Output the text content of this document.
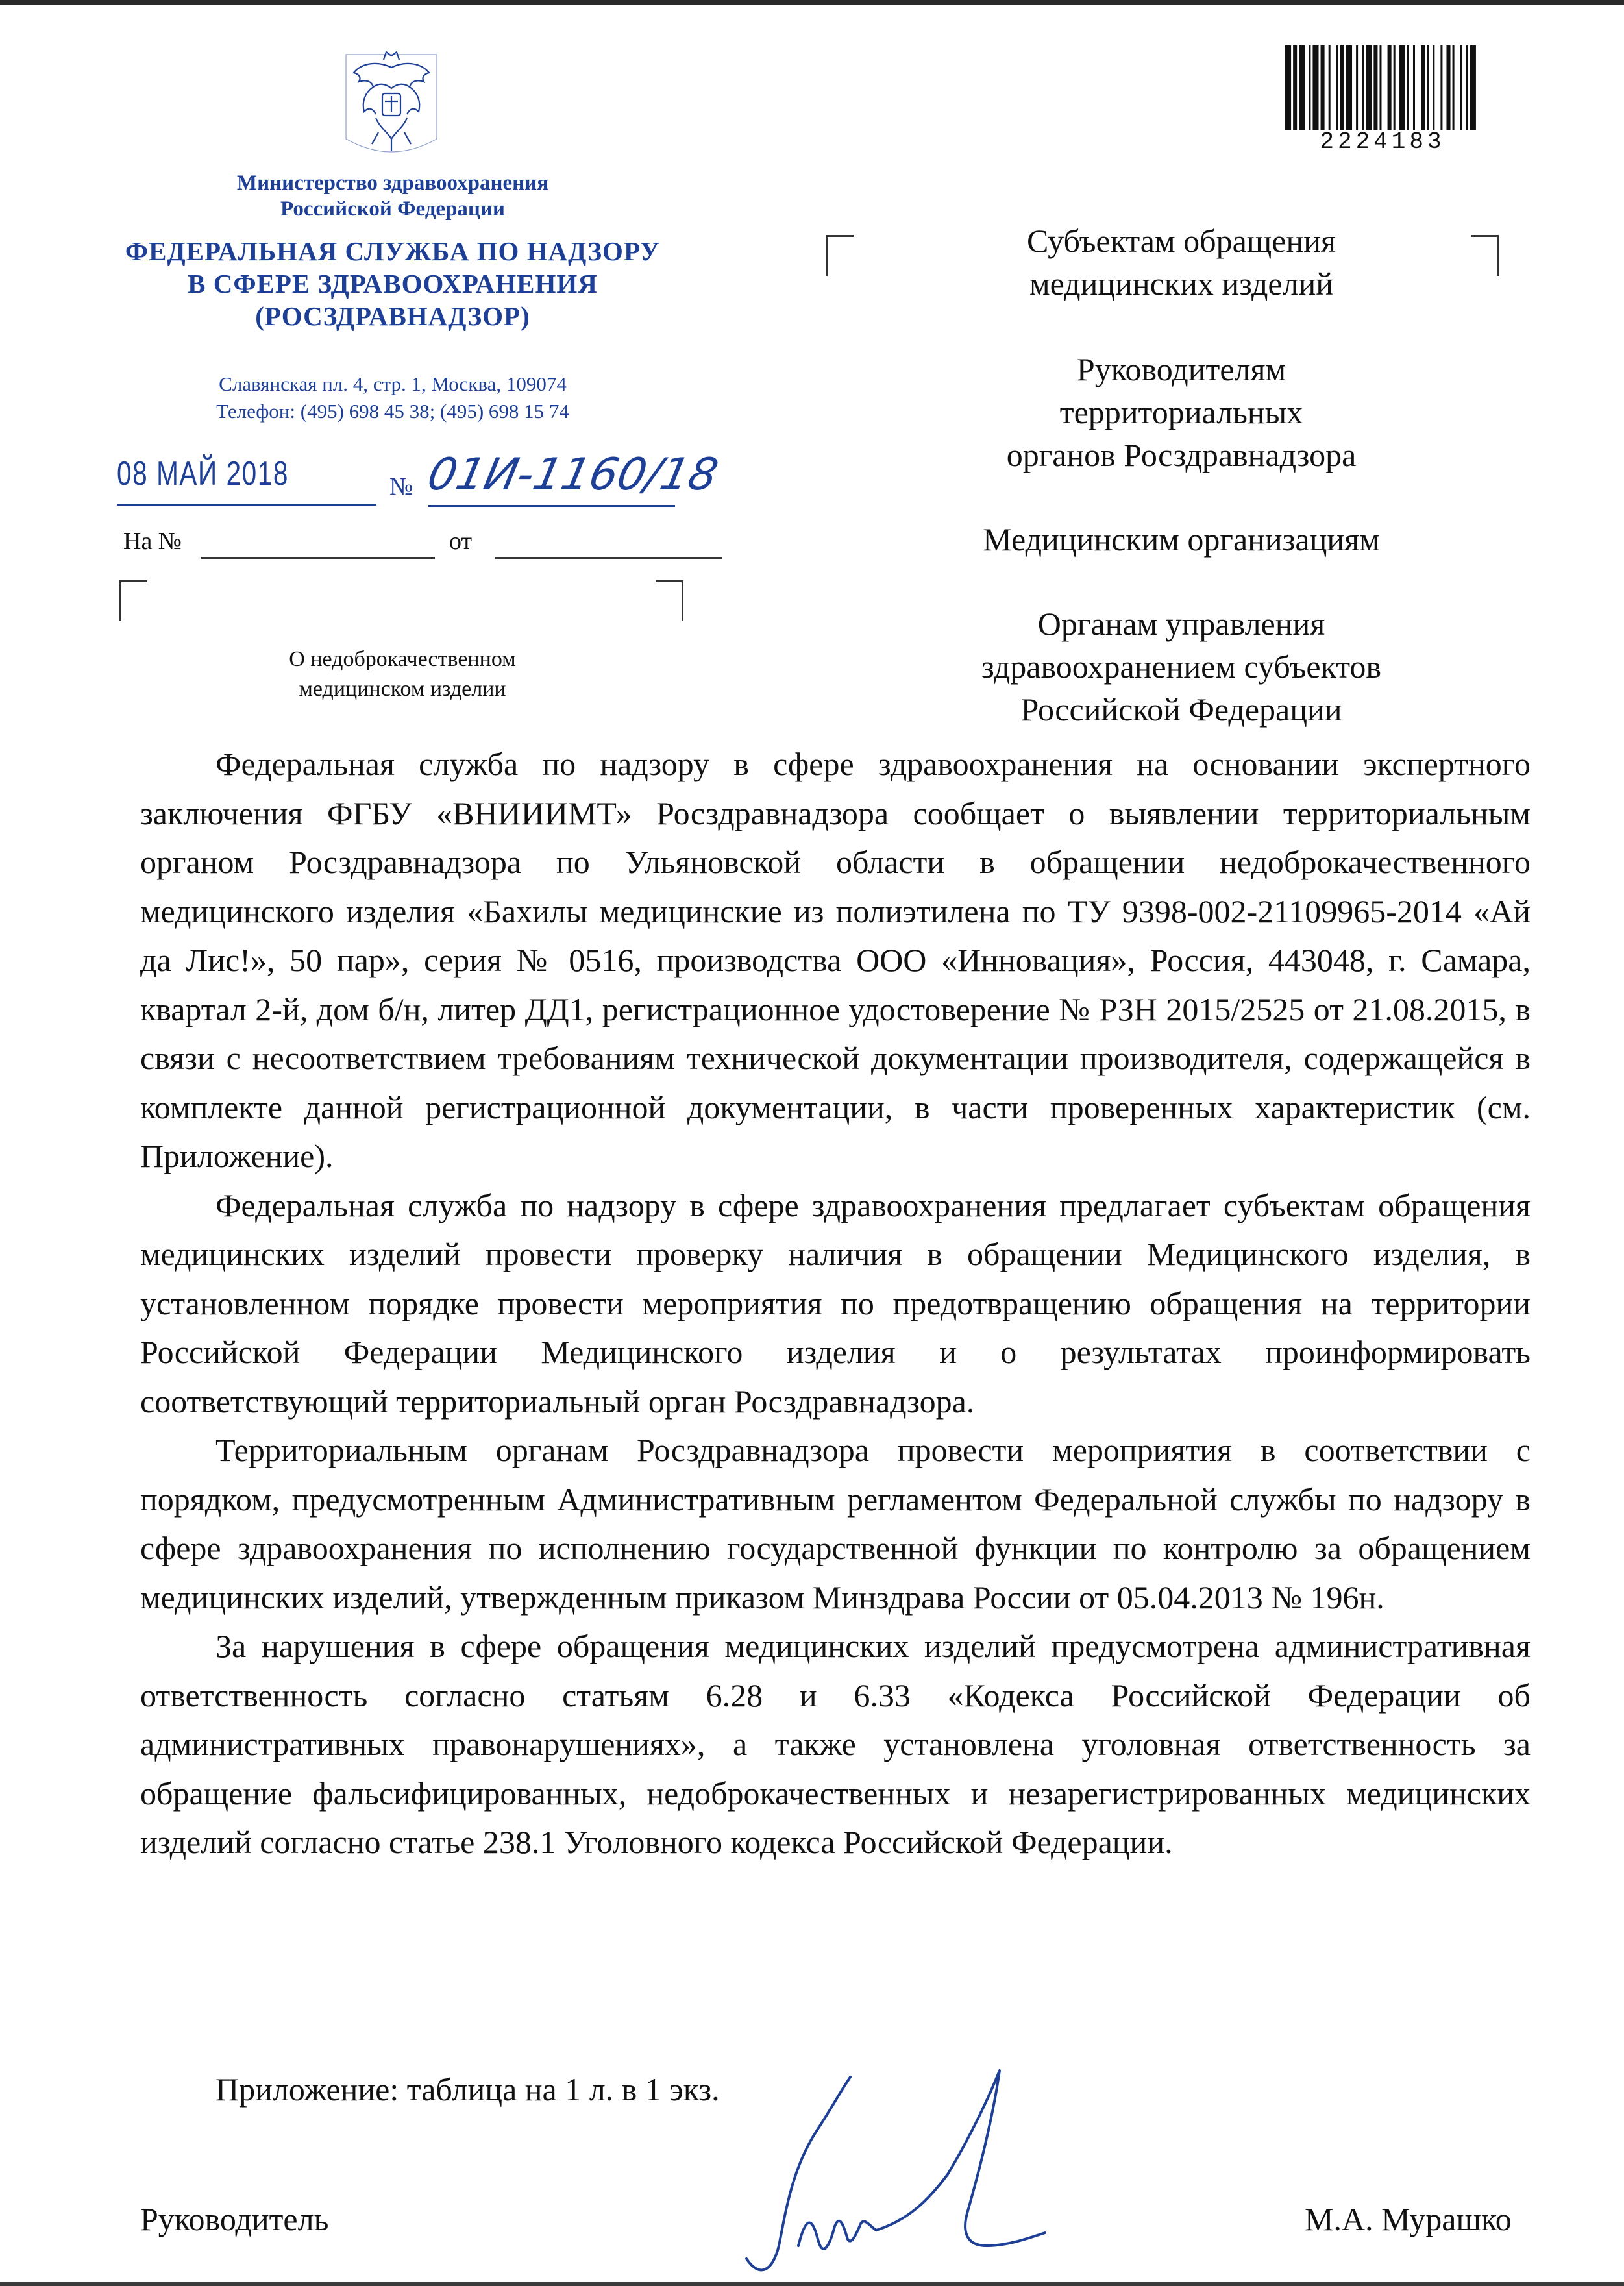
Министерство здравоохранения
Российской Федерации
ФЕДЕРАЛЬНАЯ СЛУЖБА ПО НАДЗОРУ
В СФЕРЕ ЗДРАВООХРАНЕНИЯ
(РОСЗДРАВНАДЗОР)
Славянская пл. 4, стр. 1, Москва, 109074
Телефон: (495) 698 45 38; (495) 698 15 74
08 МАЙ 2018	№ 01И-1160/18
На №	от
О недоброкачественном
медицинском изделии
2224183
Субъектам обращения
медицинских изделий
Руководителям
территориальных
органов Росздравнадзора
Медицинским организациям
Органам управления
здравоохранением субъектов
Российской Федерации

Федеральная служба по надзору в сфере здравоохранения на основании экспертного заключения ФГБУ «ВНИИИМТ» Росздравнадзора сообщает о выявлении территориальным органом Росздравнадзора по Ульяновской области в обращении недоброкачественного медицинского изделия «Бахилы медицинские из полиэтилена по ТУ 9398-002-21109965-2014 «Ай да Лис!», 50 пар», серия № 0516, производства ООО «Инновация», Россия, 443048, г. Самара, квартал 2-й, дом б/н, литер ДД1, регистрационное удостоверение № РЗН 2015/2525 от 21.08.2015, в связи с несоответствием требованиям технической документации производителя, содержащейся в комплекте данной регистрационной документации, в части проверенных характеристик (см. Приложение).

Федеральная служба по надзору в сфере здравоохранения предлагает субъектам обращения медицинских изделий провести проверку наличия в обращении Медицинского изделия, в установленном порядке провести мероприятия по предотвращению обращения на территории Российской Федерации Медицинского изделия и о результатах проинформировать соответствующий территориальный орган Росздравнадзора.

Территориальным органам Росздравнадзора провести мероприятия в соответствии с порядком, предусмотренным Административным регламентом Федеральной службы по надзору в сфере здравоохранения по исполнению государственной функции по контролю за обращением медицинских изделий, утвержденным приказом Минздрава России от 05.04.2013 № 196н.

За нарушения в сфере обращения медицинских изделий предусмотрена административная ответственность согласно статьям 6.28 и 6.33 «Кодекса Российской Федерации об административных правонарушениях», а также установлена уголовная ответственность за обращение фальсифицированных, недоброкачественных и незарегистрированных медицинских изделий согласно статье 238.1 Уголовного кодекса Российской Федерации.

Приложение: таблица на 1 л. в 1 экз.
Руководитель	М.А. Мурашко
